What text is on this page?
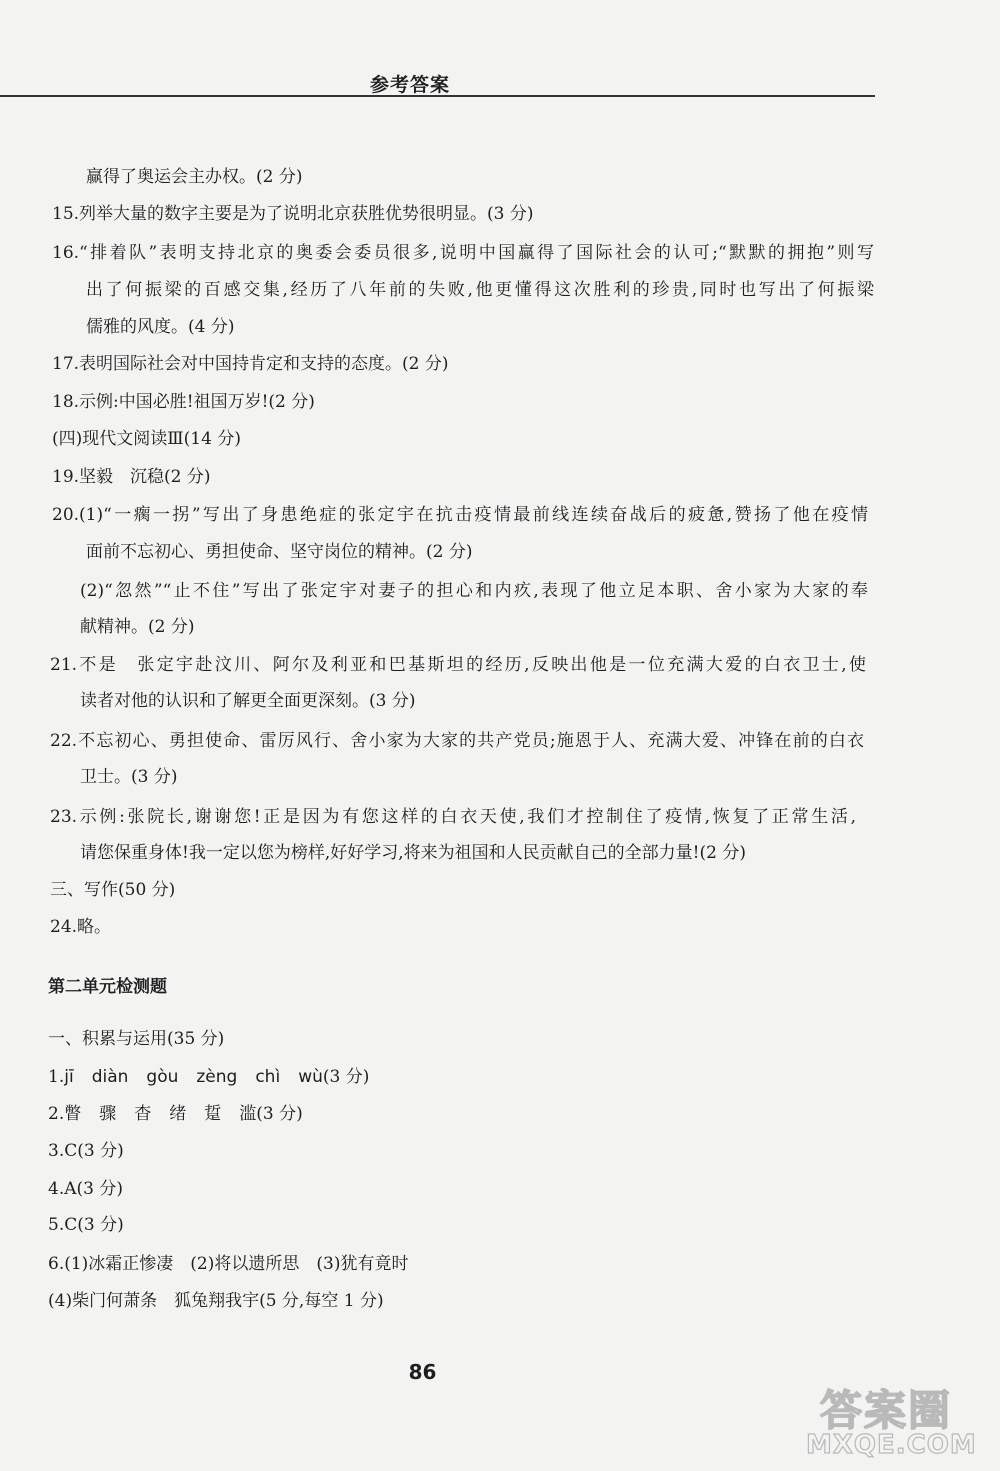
参考答案
赢得了奥运会主办权。(2 分)
15.列举大量的数字主要是为了说明北京获胜优势很明显。(3 分)
16.“排着队”表明支持北京的奥委会委员很多,说明中国赢得了国际社会的认可;“默默的拥抱”则写
出了何振梁的百感交集,经历了八年前的失败,他更懂得这次胜利的珍贵,同时也写出了何振梁
儒雅的风度。(4 分)
17.表明国际社会对中国持肯定和支持的态度。(2 分)
18.示例:中国必胜!祖国万岁!(2 分)
(四)现代文阅读Ⅲ(14 分)
19.坚毅　沉稳(2 分)
20.(1)“一瘸一拐”写出了身患绝症的张定宇在抗击疫情最前线连续奋战后的疲惫,赞扬了他在疫情
面前不忘初心、勇担使命、坚守岗位的精神。(2 分)
(2)“忽然”“止不住”写出了张定宇对妻子的担心和内疚,表现了他立足本职、舍小家为大家的奉
献精神。(2 分)
21.不是　张定宇赴汶川、阿尔及利亚和巴基斯坦的经历,反映出他是一位充满大爱的白衣卫士,使
读者对他的认识和了解更全面更深刻。(3 分)
22.不忘初心、勇担使命、雷厉风行、舍小家为大家的共产党员;施恩于人、充满大爱、冲锋在前的白衣
卫士。(3 分)
23.示例:张院长,谢谢您!正是因为有您这样的白衣天使,我们才控制住了疫情,恢复了正常生活,
请您保重身体!我一定以您为榜样,好好学习,将来为祖国和人民贡献自己的全部力量!(2 分)
三、写作(50 分)
24.略。
第二单元检测题
一、积累与运用(35 分)
1.jī diàn gòu zèng chì wù(3 分)
2.瞥 骤 杳 绪 踅 滥(3 分)
3.C(3 分)
4.A(3 分)
5.C(3 分)
6.(1)冰霜正惨凄　(2)将以遗所思　(3)犹有竟时
(4)柴门何萧条　狐兔翔我宇(5 分,每空 1 分)
86
答案圈
MXQE.COM
